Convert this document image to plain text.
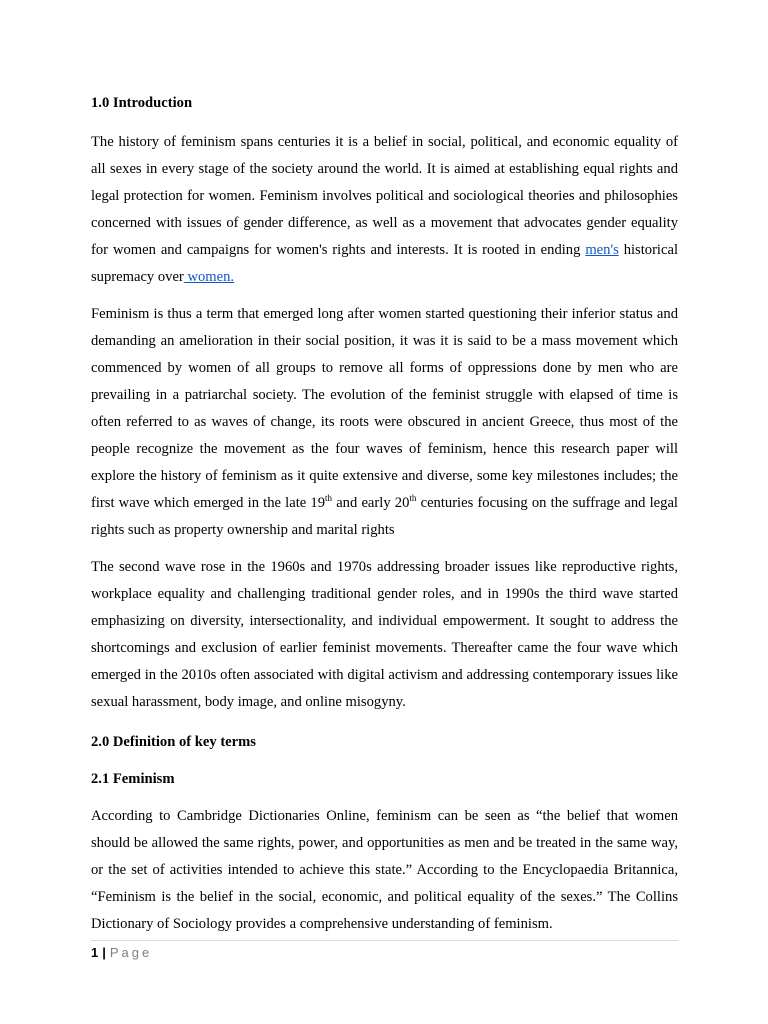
1.0 Introduction

The history of feminism spans centuries it is a belief in social, political, and economic equality of all sexes in every stage of the society around the world. It is aimed at establishing equal rights and legal protection for women. Feminism involves political and sociological theories and philosophies concerned with issues of gender difference, as well as a movement that advocates gender equality for women and campaigns for women's rights and interests. It is rooted in ending men's historical supremacy over women.

Feminism is thus a term that emerged long after women started questioning their inferior status and demanding an amelioration in their social position, it was it is said to be a mass movement which commenced by women of all groups to remove all forms of oppressions done by men who are prevailing in a patriarchal society. The evolution of the feminist struggle with elapsed of time is often referred to as waves of change, its roots were obscured in ancient Greece, thus most of the people recognize the movement as the four waves of feminism, hence this research paper will explore the history of feminism as it quite extensive and diverse, some key milestones includes; the first wave which emerged in the late 19th and early 20th centuries focusing on the suffrage and legal rights such as property ownership and marital rights

The second wave rose in the 1960s and 1970s addressing broader issues like reproductive rights, workplace equality and challenging traditional gender roles, and in 1990s the third wave started emphasizing on diversity, intersectionality, and individual empowerment. It sought to address the shortcomings and exclusion of earlier feminist movements. Thereafter came the four wave which emerged in the 2010s often associated with digital activism and addressing contemporary issues like sexual harassment, body image, and online misogyny.

2.0 Definition of key terms
2.1 Feminism

According to Cambridge Dictionaries Online, feminism can be seen as “the belief that women should be allowed the same rights, power, and opportunities as men and be treated in the same way, or the set of activities intended to achieve this state.” According to the Encyclopaedia Britannica, “Feminism is the belief in the social, economic, and political equality of the sexes.” The Collins Dictionary of Sociology provides a comprehensive understanding of feminism.

1 | Page
